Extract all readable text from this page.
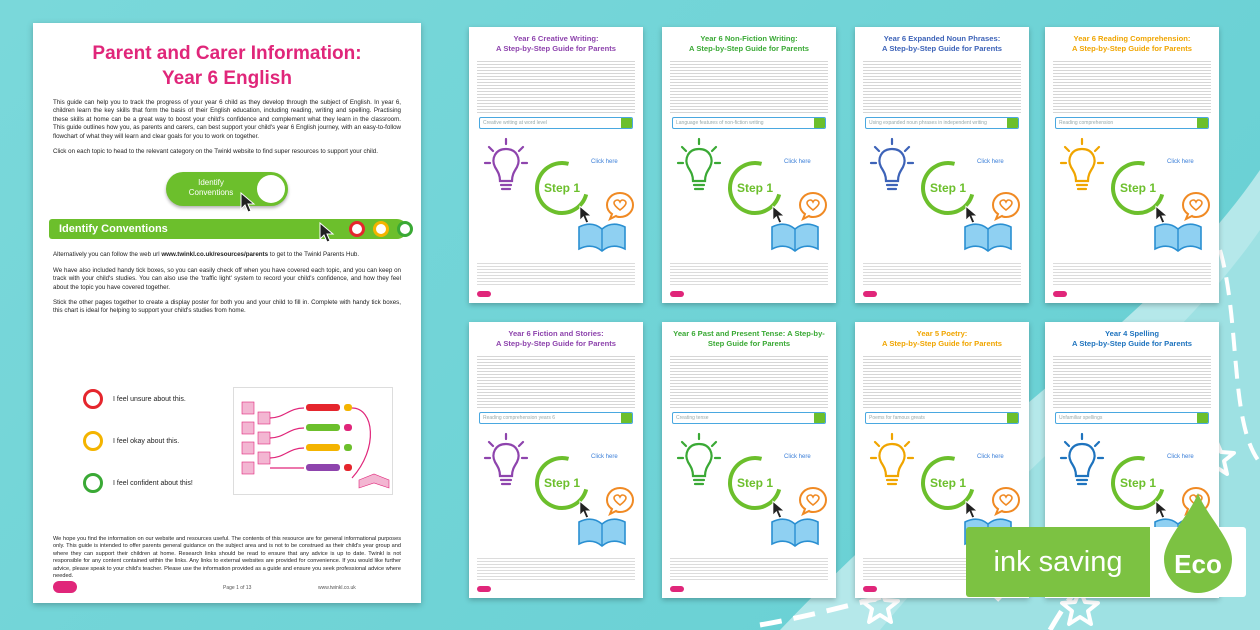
Parent and Carer Information:
Year 6 English

This guide can help you to track the progress of your year 6 child as they develop through the subject of English. In year 6, children learn the key skills that form the basis of their English education, including reading, writing and spelling. Practising these skills at home can be a great way to boost your child's confidence and complement what they learn in the classroom. This guide outlines how you, as parents and carers, can best support your child's year 6 English journey, with an easy-to-follow flowchart of what they will learn and clear goals for you to work on together.

Click on each topic to head to the relevant category on the Twinkl website to find super resources to support your child.

Identify Conventions
Identify Conventions

Alternatively you can follow the web url www.twinkl.co.uk/resources/parents to get to the Twinkl Parents Hub.

We have also included handy tick boxes, so you can easily check off when you have covered each topic, and you can keep on track with your child's studies. You can also use the 'traffic light' system to record your child's confidence, and how they feel about the topic you have covered together.

Stick the other pages together to create a display poster for both you and your child to fill in. Complete with handy tick boxes, this chart is ideal for helping to support your child's studies from home.

I feel unsure about this.
I feel okay about this.
I feel confident about this!

We hope you find the information on our website and resources useful. The contents of this resource are for general informational purposes only. This guide is intended to offer parents general guidance on the subject area and is not to be construed as their child's year group and where they can support their children at home. Research links should be read to ensure that any advice is up to date. Twinkl is not responsible for any content contained within the links. Any links to external websites are provided for convenience. If you would like further advice, please speak to your child's teacher. Please use the information provided as a guide and ensure you seek professional advice where needed.

Page 1 of 13	www.twinkl.co.uk
Year 6 Creative Writing:
A Step-by-Step Guide for Parents
Creative writing at word level
Step 1
Click here
Year 6 Non-Fiction Writing:
A Step-by-Step Guide for Parents
Language features of non-fiction writing
Step 1
Click here
Year 6 Expanded Noun Phrases:
A Step-by-Step Guide for Parents
Using expanded noun phrases in independent writing
Step 1
Click here
Year 6 Reading Comprehension:
A Step-by-Step Guide for Parents
Reading comprehension
Step 1
Click here
Year 6 Fiction and Stories:
A Step-by-Step Guide for Parents
Reading comprehension years 6
Step 1
Click here
Year 6 Past and Present Tense: A Step-by-
Step Guide for Parents
Creating tense
Step 1
Click here
Year 5 Poetry:
A Step-by-Step Guide for Parents
Poems for famous greats
Step 1
Click here
Year 4 Spelling
A Step-by-Step Guide for Parents
Unfamiliar spellings
Step 1
Click here
ink saving	Eco
